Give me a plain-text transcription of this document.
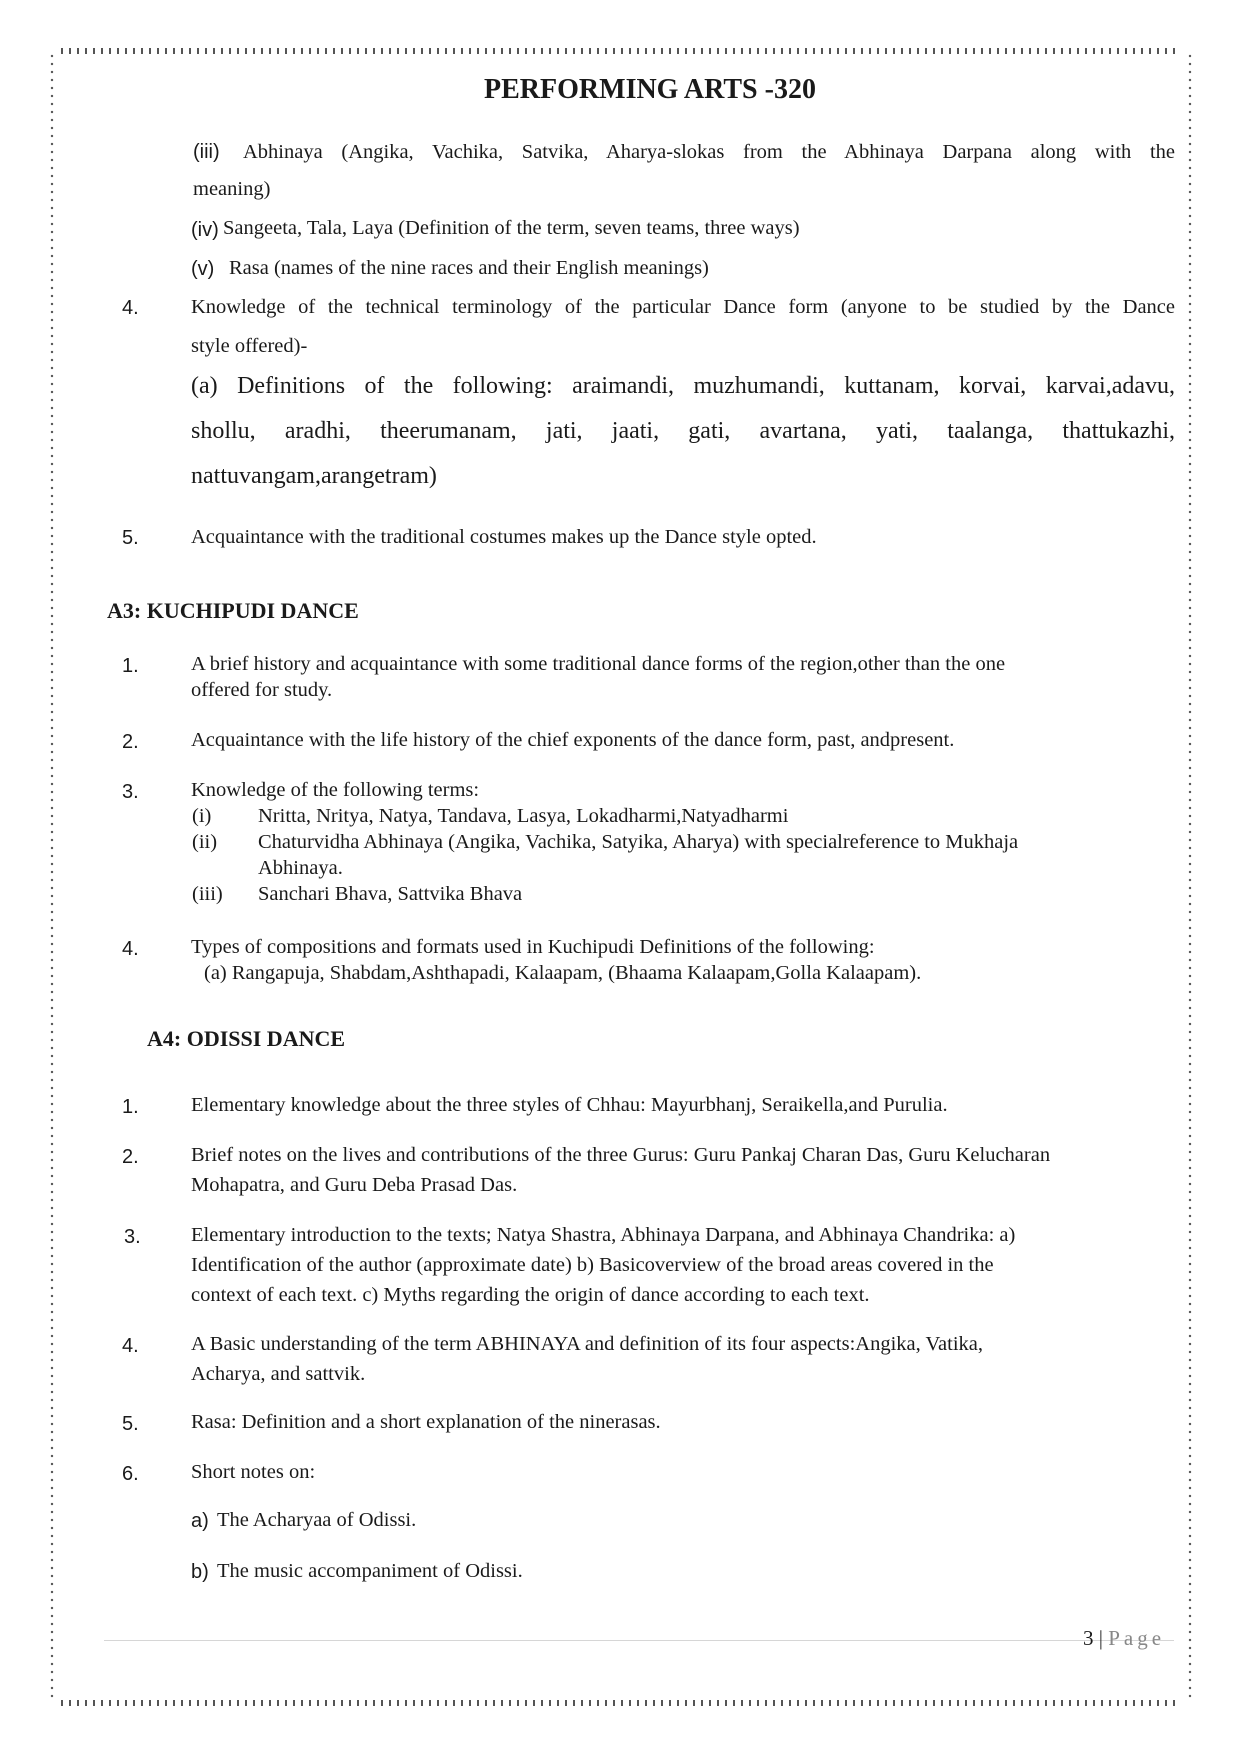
PERFORMING ARTS -320
(iii) Abhinaya (Angika, Vachika, Satvika, Aharya-slokas from the Abhinaya Darpana along with the
meaning)
(iv) Sangeeta, Tala, Laya (Definition of the term, seven teams, three ways)
(v) Rasa (names of the nine races and their English meanings)
4.	Knowledge of the technical terminology of the particular Dance form (anyone to be studied by the Dance
style offered)-
(a) Definitions of the following: araimandi, muzhumandi, kuttanam, korvai, karvai,adavu,
shollu, aradhi, theerumanam, jati, jaati, gati, avartana, yati, taalanga, thattukazhi,
nattuvangam,arangetram)
5.	Acquaintance with the traditional costumes makes up the Dance style opted.
A3: KUCHIPUDI DANCE
1.	A brief history and acquaintance with some traditional dance forms of the region,other than the one
offered for study.
2.	Acquaintance with the life history of the chief exponents of the dance form, past, andpresent.
3.	Knowledge of the following terms:
(i) Nritta, Nritya, Natya, Tandava, Lasya, Lokadharmi,Natyadharmi
(ii) Chaturvidha Abhinaya (Angika, Vachika, Satyika, Aharya) with specialreference to Mukhaja
Abhinaya.
(iii) Sanchari Bhava, Sattvika Bhava
4.	Types of compositions and formats used in Kuchipudi Definitions of the following:
(a) Rangapuja, Shabdam,Ashthapadi, Kalaapam, (Bhaama Kalaapam,Golla Kalaapam).
A4: ODISSI DANCE
1.	Elementary knowledge about the three styles of Chhau: Mayurbhanj, Seraikella,and Purulia.
2.	Brief notes on the lives and contributions of the three Gurus: Guru Pankaj Charan Das, Guru Kelucharan
Mohapatra, and Guru Deba Prasad Das.
3. Elementary introduction to the texts; Natya Shastra, Abhinaya Darpana, and Abhinaya Chandrika: a)
Identification of the author (approximate date) b) Basicoverview of the broad areas covered in the
context of each text. c) Myths regarding the origin of dance according to each text.
4.	A Basic understanding of the term ABHINAYA and definition of its four aspects:Angika, Vatika,
Acharya, and sattvik.
5.	Rasa: Definition and a short explanation of the ninerasas.
6.	Short notes on:
a) The Acharyaa of Odissi.
b) The music accompaniment of Odissi.
3 | Page
